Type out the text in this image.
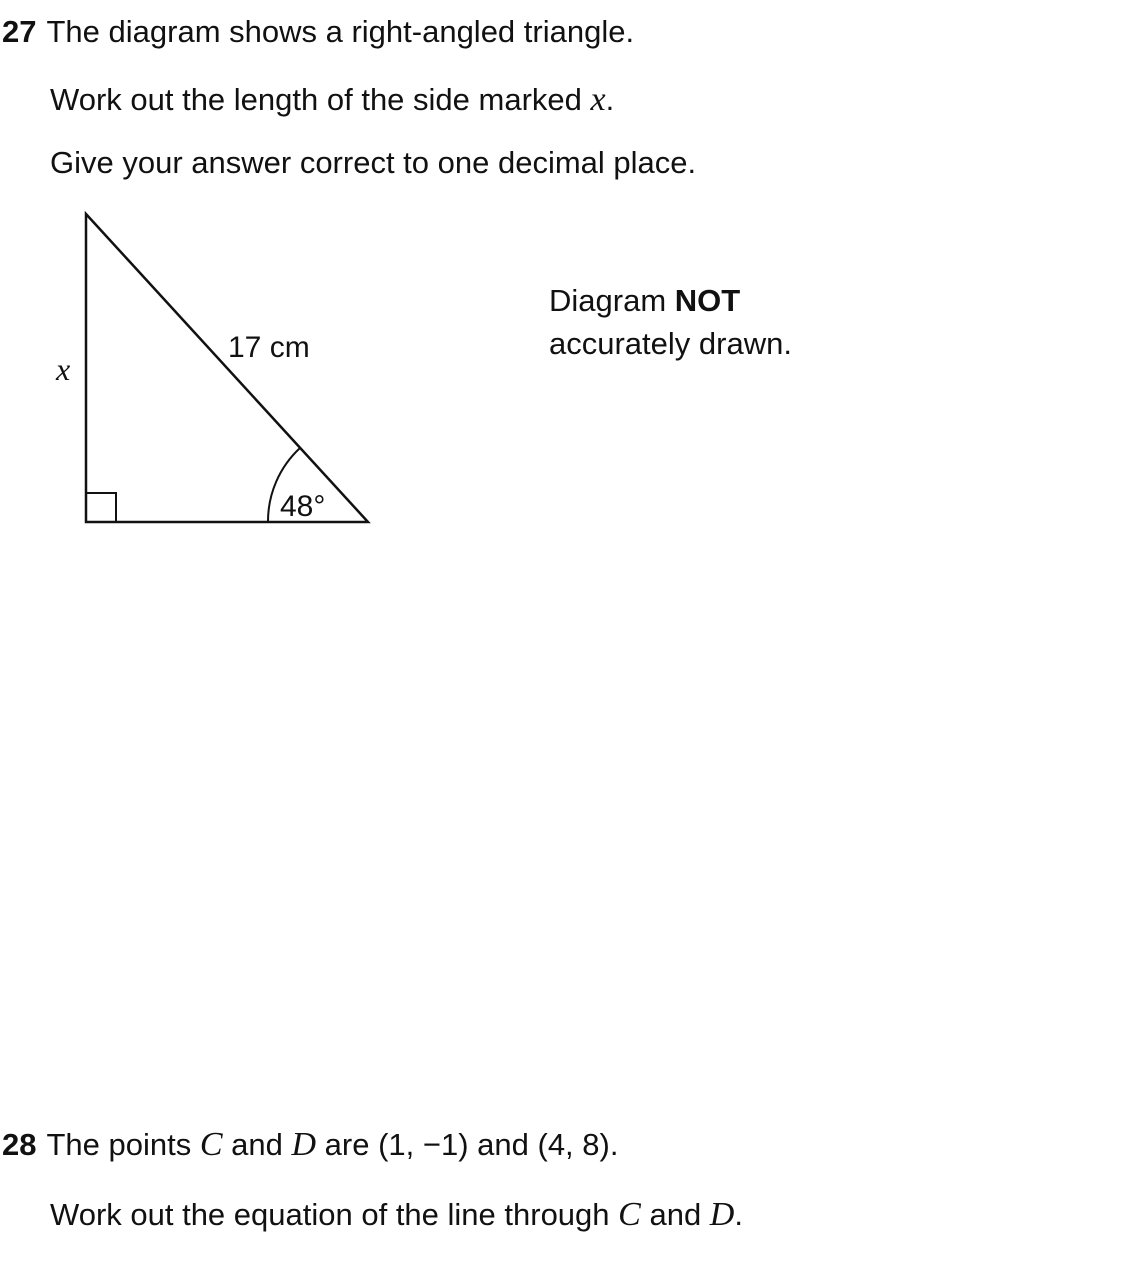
27 The diagram shows a right-angled triangle.
Work out the length of the side marked x.
Give your answer correct to one decimal place.
x
17 cm
48°
Diagram NOT
accurately drawn.
28 The points C and D are (1, −1) and (4, 8).
Work out the equation of the line through C and D.
